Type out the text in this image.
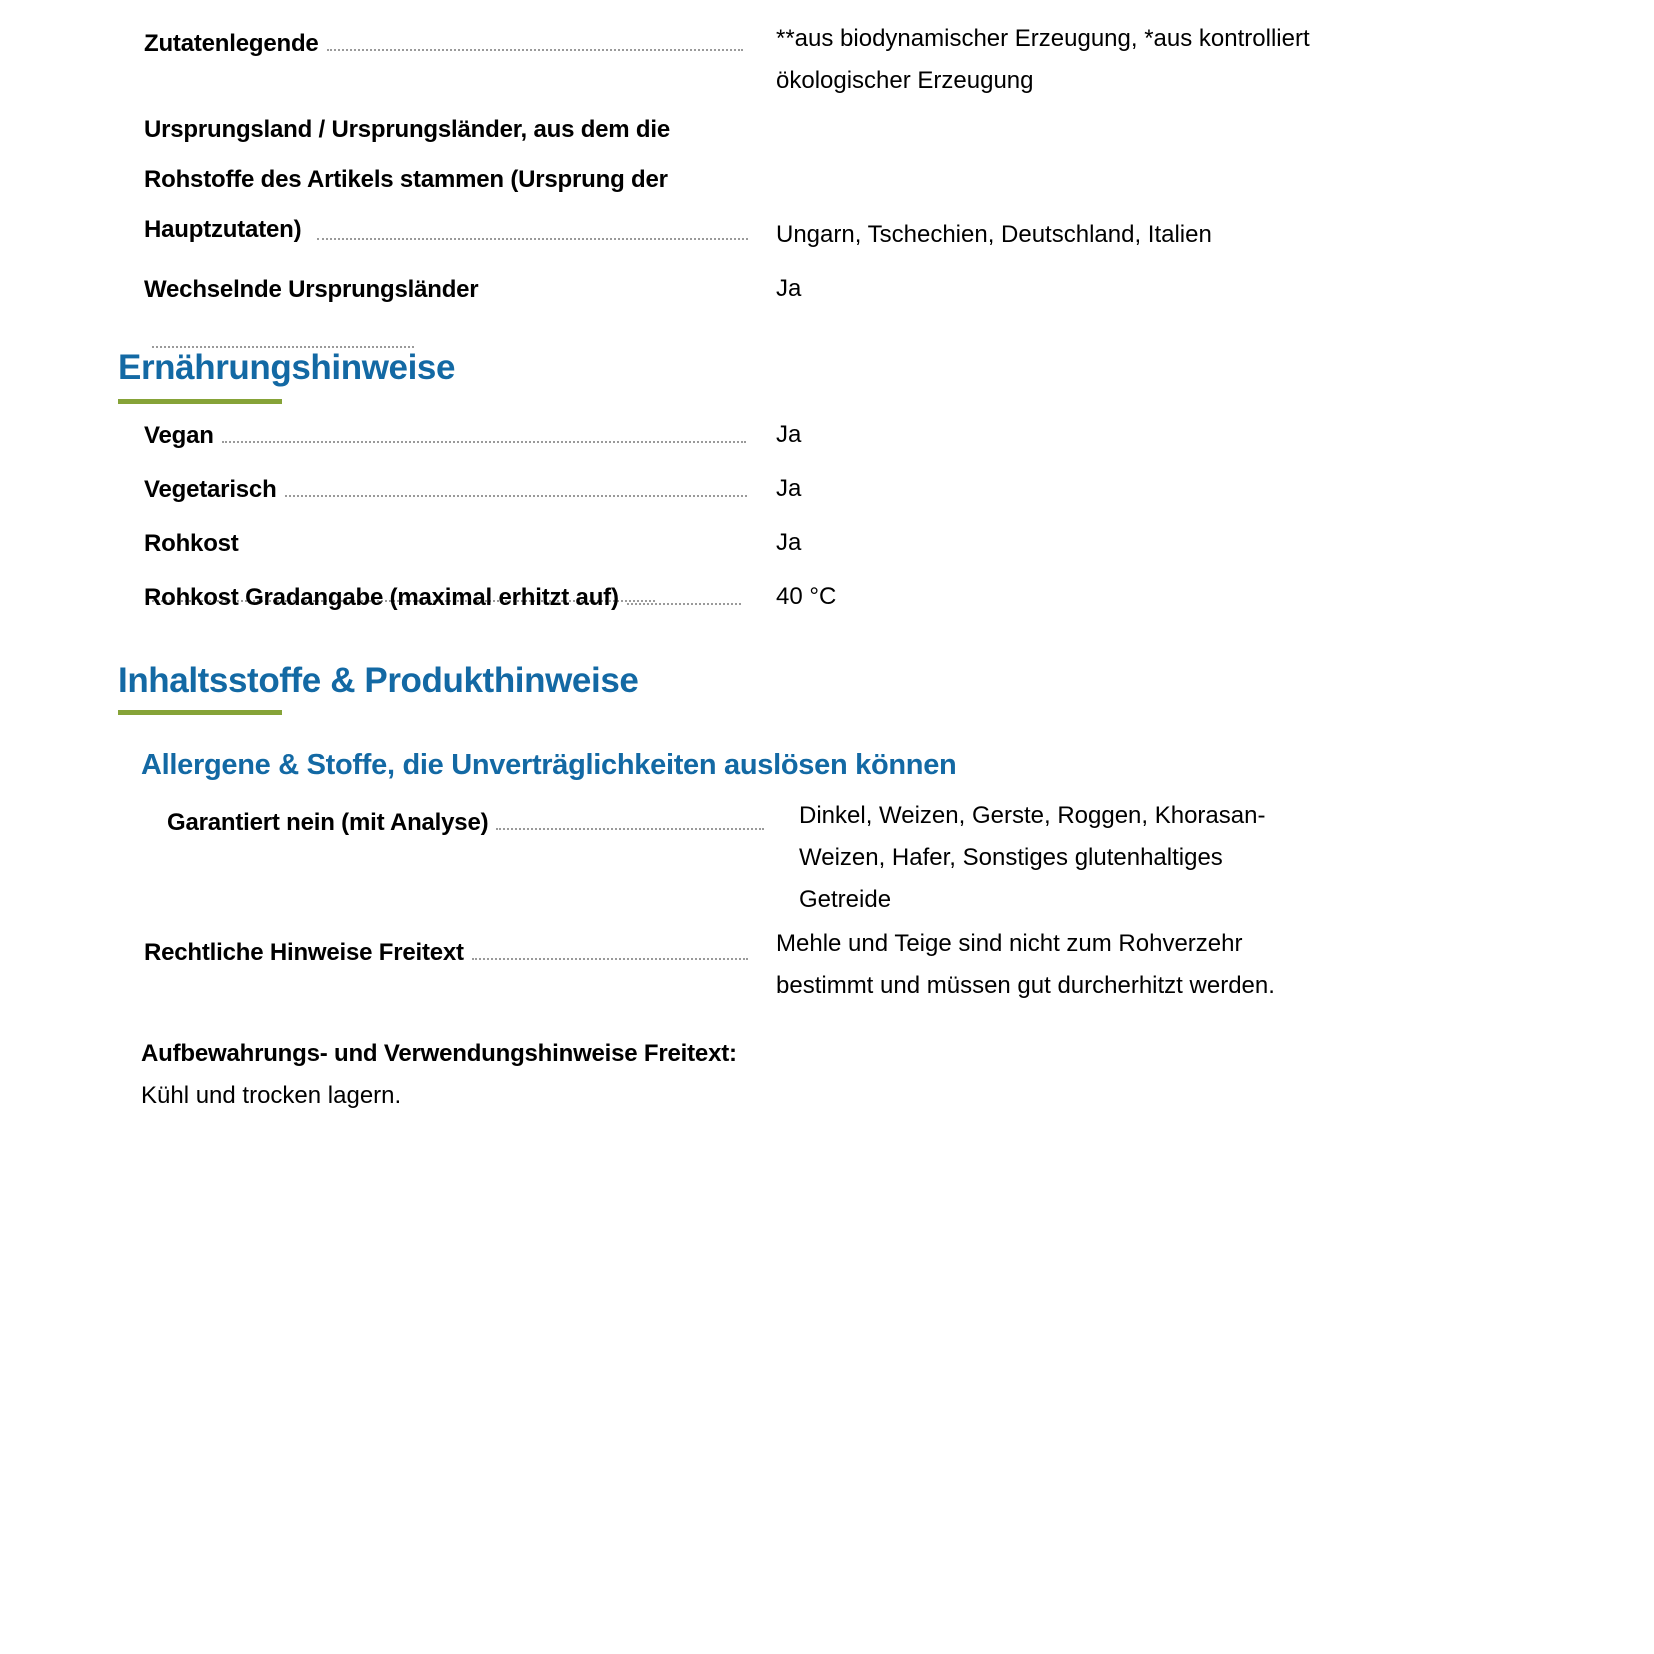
Zutatenlegende	**aus biodynamischer Erzeugung, *aus kontrolliert ökologischer Erzeugung
Ursprungsland / Ursprungsländer, aus dem die Rohstoffe des Artikels stammen (Ursprung der Hauptzutaten)	Ungarn, Tschechien, Deutschland, Italien
Wechselnde Ursprungsländer	Ja
Ernährungshinweise
Vegan	Ja
Vegetarisch	Ja
Rohkost	Ja
Rohkost Gradangabe (maximal erhitzt auf)	40 °C
Inhaltsstoffe & Produkthinweise
Allergene & Stoffe, die Unverträglichkeiten auslösen können
Garantiert nein (mit Analyse)	Dinkel, Weizen, Gerste, Roggen, Khorasan-Weizen, Hafer, Sonstiges glutenhaltiges Getreide
Rechtliche Hinweise Freitext	Mehle und Teige sind nicht zum Rohverzehr bestimmt und müssen gut durcherhitzt werden.
Aufbewahrungs- und Verwendungshinweise Freitext:
Kühl und trocken lagern.
